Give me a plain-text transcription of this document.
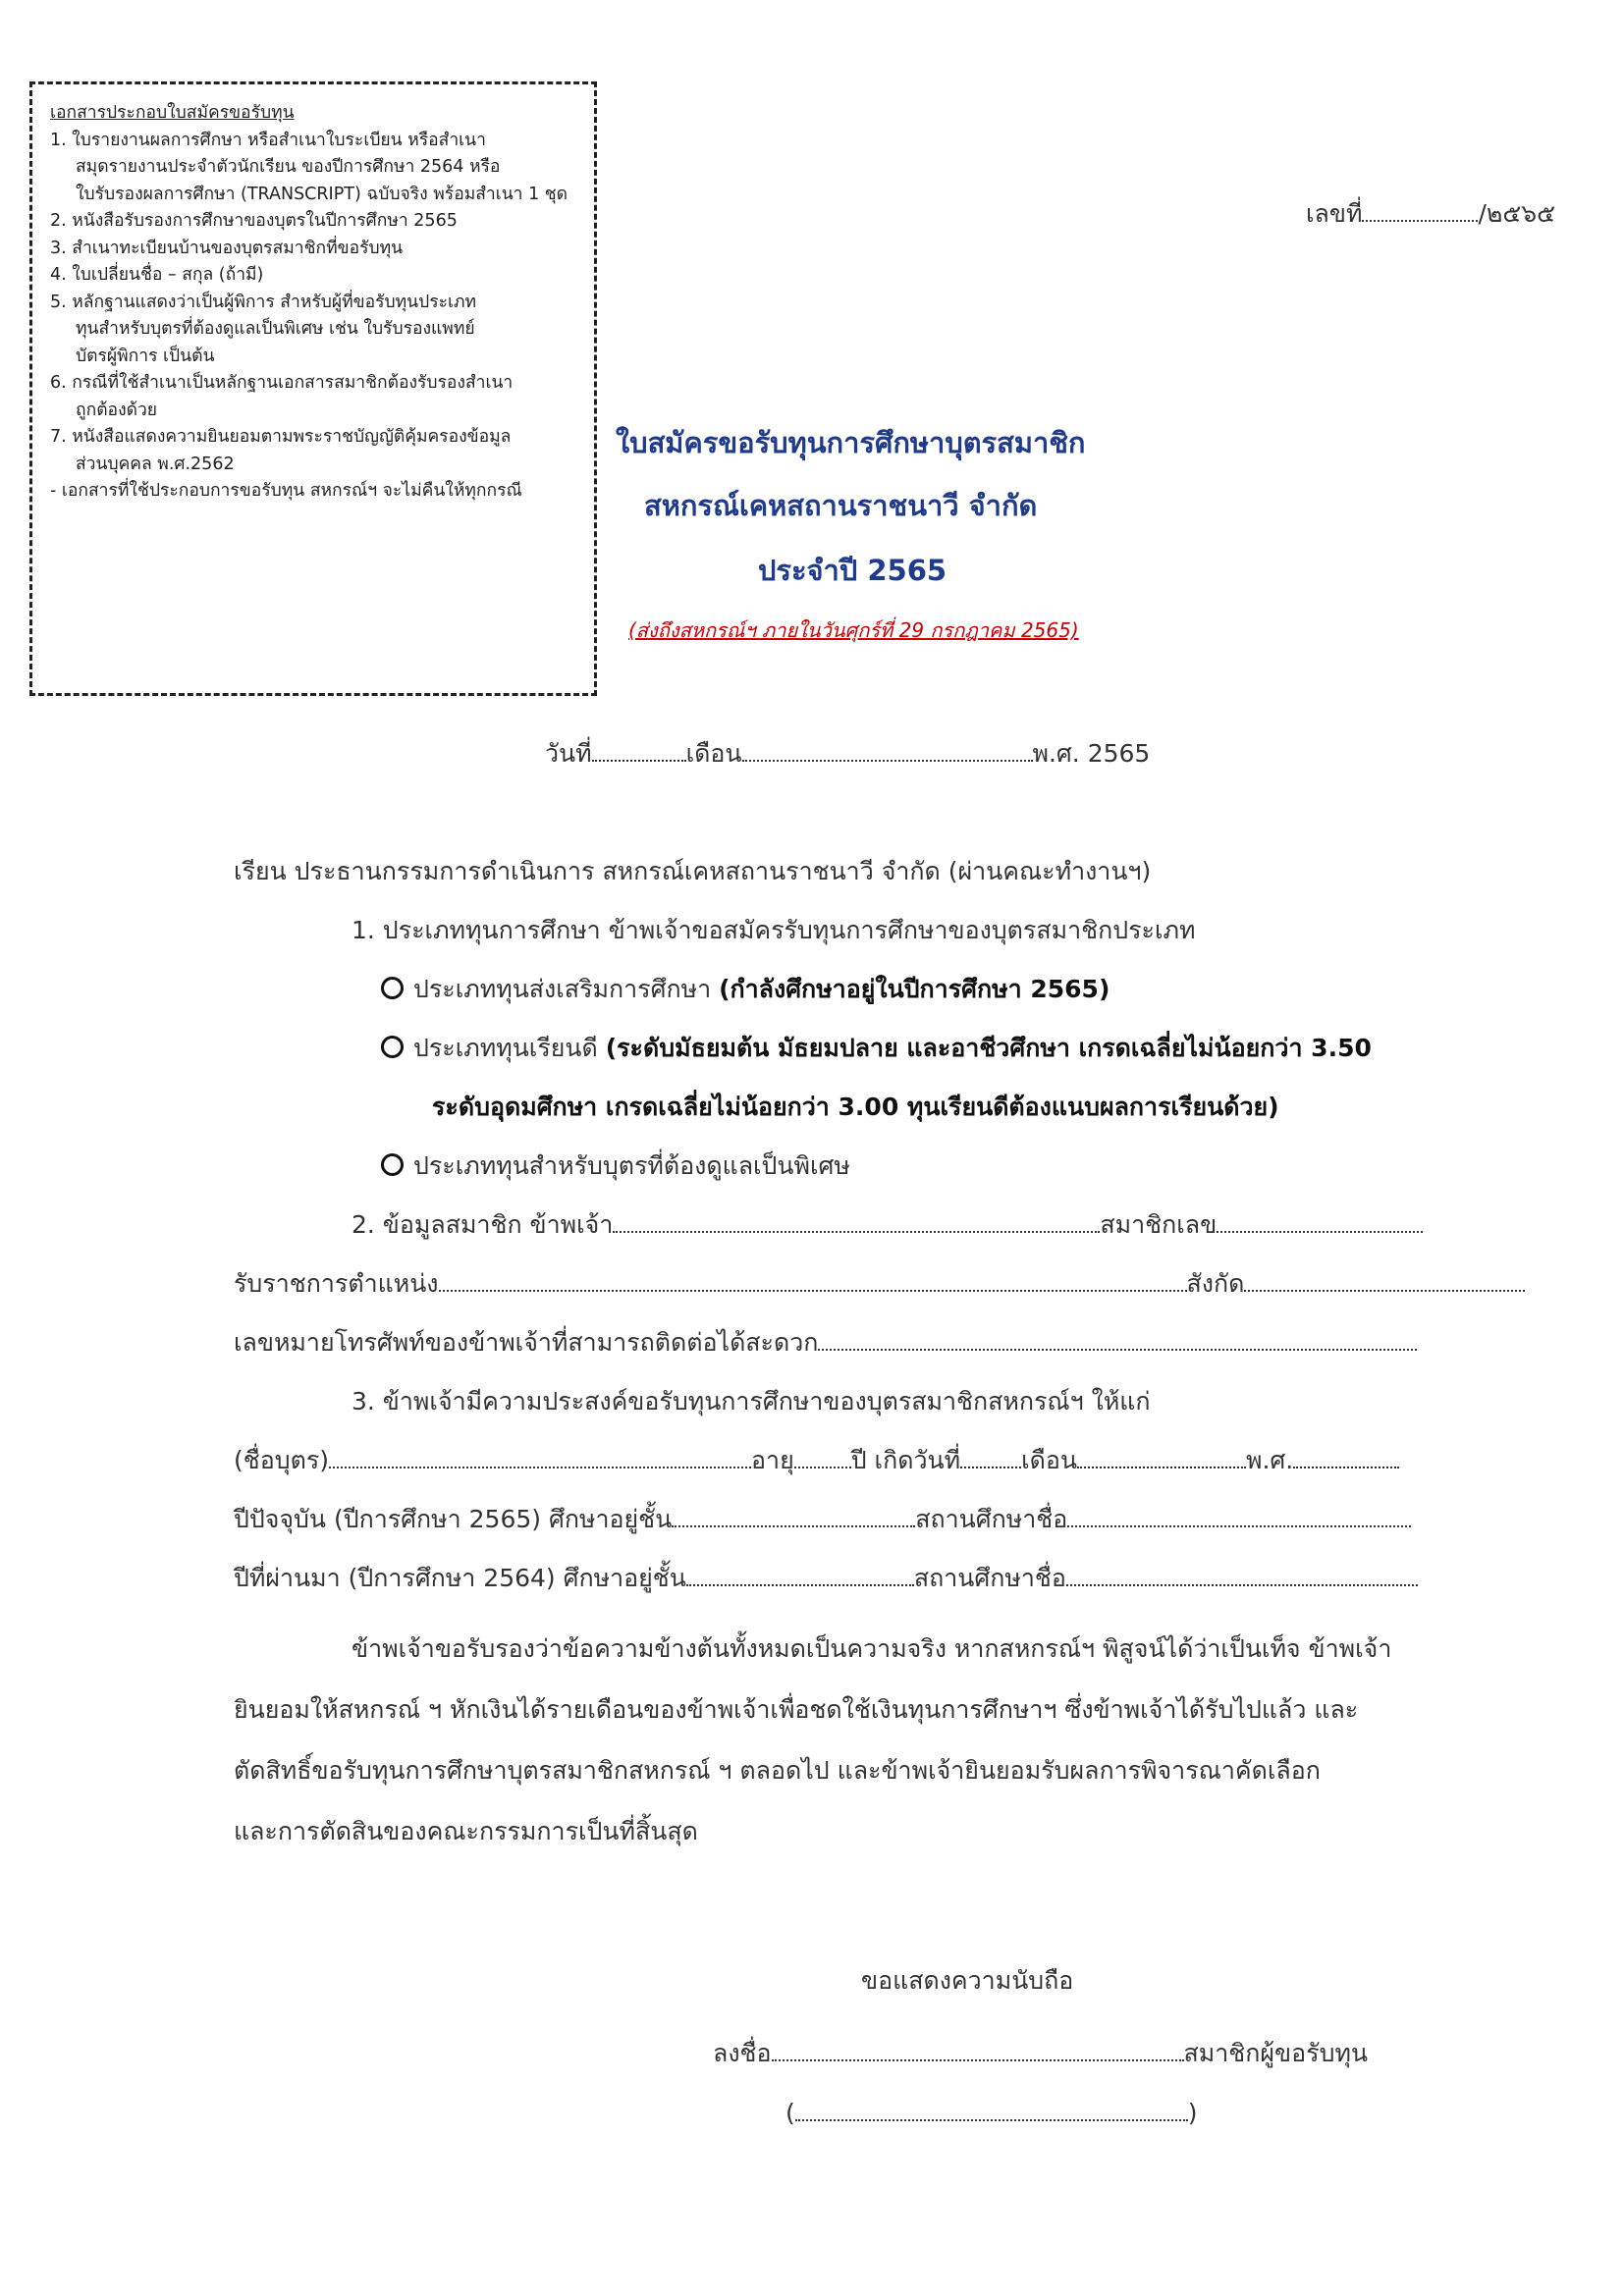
เอกสารประกอบใบสมัครขอรับทุน
1. ใบรายงานผลการศึกษา หรือสำเนาใบระเบียน หรือสำเนา
สมุดรายงานประจำตัวนักเรียน ของปีการศึกษา 2564 หรือ
ใบรับรองผลการศึกษา (TRANSCRIPT) ฉบับจริง พร้อมสำเนา 1 ชุด
2. หนังสือรับรองการศึกษาของบุตรในปีการศึกษา 2565
3. สำเนาทะเบียนบ้านของบุตรสมาชิกที่ขอรับทุน
4. ใบเปลี่ยนชื่อ – สกุล (ถ้ามี)
5. หลักฐานแสดงว่าเป็นผู้พิการ สำหรับผู้ที่ขอรับทุนประเภท
ทุนสำหรับบุตรที่ต้องดูแลเป็นพิเศษ เช่น ใบรับรองแพทย์
บัตรผู้พิการ เป็นต้น
6. กรณีที่ใช้สำเนาเป็นหลักฐานเอกสารสมาชิกต้องรับรองสำเนา
ถูกต้องด้วย
7. หนังสือแสดงความยินยอมตามพระราชบัญญัติคุ้มครองข้อมูล
ส่วนบุคคล พ.ศ.2562
- เอกสารที่ใช้ประกอบการขอรับทุน สหกรณ์ฯ จะไม่คืนให้ทุกกรณี
เลขที่	/๒๕๖๕
ใบสมัครขอรับทุนการศึกษาบุตรสมาชิก
สหกรณ์เคหสถานราชนาวี จำกัด
ประจำปี 2565
(ส่งถึงสหกรณ์ฯ ภายในวันศุกร์ที่ 29 กรกฎาคม 2565)
วันที่	เดือน	พ.ศ. 2565
เรียน ประธานกรรมการดำเนินการ สหกรณ์เคหสถานราชนาวี จำกัด (ผ่านคณะทำงานฯ)
1. ประเภททุนการศึกษา ข้าพเจ้าขอสมัครรับทุนการศึกษาของบุตรสมาชิกประเภท
ประเภททุนส่งเสริมการศึกษา (กำลังศึกษาอยู่ในปีการศึกษา 2565)
ประเภททุนเรียนดี (ระดับมัธยมต้น มัธยมปลาย และอาชีวศึกษา เกรดเฉลี่ยไม่น้อยกว่า 3.50
ระดับอุดมศึกษา เกรดเฉลี่ยไม่น้อยกว่า 3.00 ทุนเรียนดีต้องแนบผลการเรียนด้วย)
ประเภททุนสำหรับบุตรที่ต้องดูแลเป็นพิเศษ
2. ข้อมูลสมาชิก ข้าพเจ้า	สมาชิกเลข
รับราชการตำแหน่ง	สังกัด
เลขหมายโทรศัพท์ของข้าพเจ้าที่สามารถติดต่อได้สะดวก
3. ข้าพเจ้ามีความประสงค์ขอรับทุนการศึกษาของบุตรสมาชิกสหกรณ์ฯ ให้แก่
(ชื่อบุตร)	อายุ ปี เกิดวันที่ เดือน	พ.ศ.
ปีปัจจุบัน (ปีการศึกษา 2565) ศึกษาอยู่ชั้น	สถานศึกษาชื่อ
ปีที่ผ่านมา (ปีการศึกษา 2564) ศึกษาอยู่ชั้น	สถานศึกษาชื่อ
ข้าพเจ้าขอรับรองว่าข้อความข้างต้นทั้งหมดเป็นความจริง หากสหกรณ์ฯ พิสูจน์ได้ว่าเป็นเท็จ ข้าพเจ้า
ยินยอมให้สหกรณ์ ฯ หักเงินได้รายเดือนของข้าพเจ้าเพื่อชดใช้เงินทุนการศึกษาฯ ซึ่งข้าพเจ้าได้รับไปแล้ว และ
ตัดสิทธิ์ขอรับทุนการศึกษาบุตรสมาชิกสหกรณ์ ฯ ตลอดไป และข้าพเจ้ายินยอมรับผลการพิจารณาคัดเลือก
และการตัดสินของคณะกรรมการเป็นที่สิ้นสุด
ขอแสดงความนับถือ
ลงชื่อ	สมาชิกผู้ขอรับทุน
(	)
